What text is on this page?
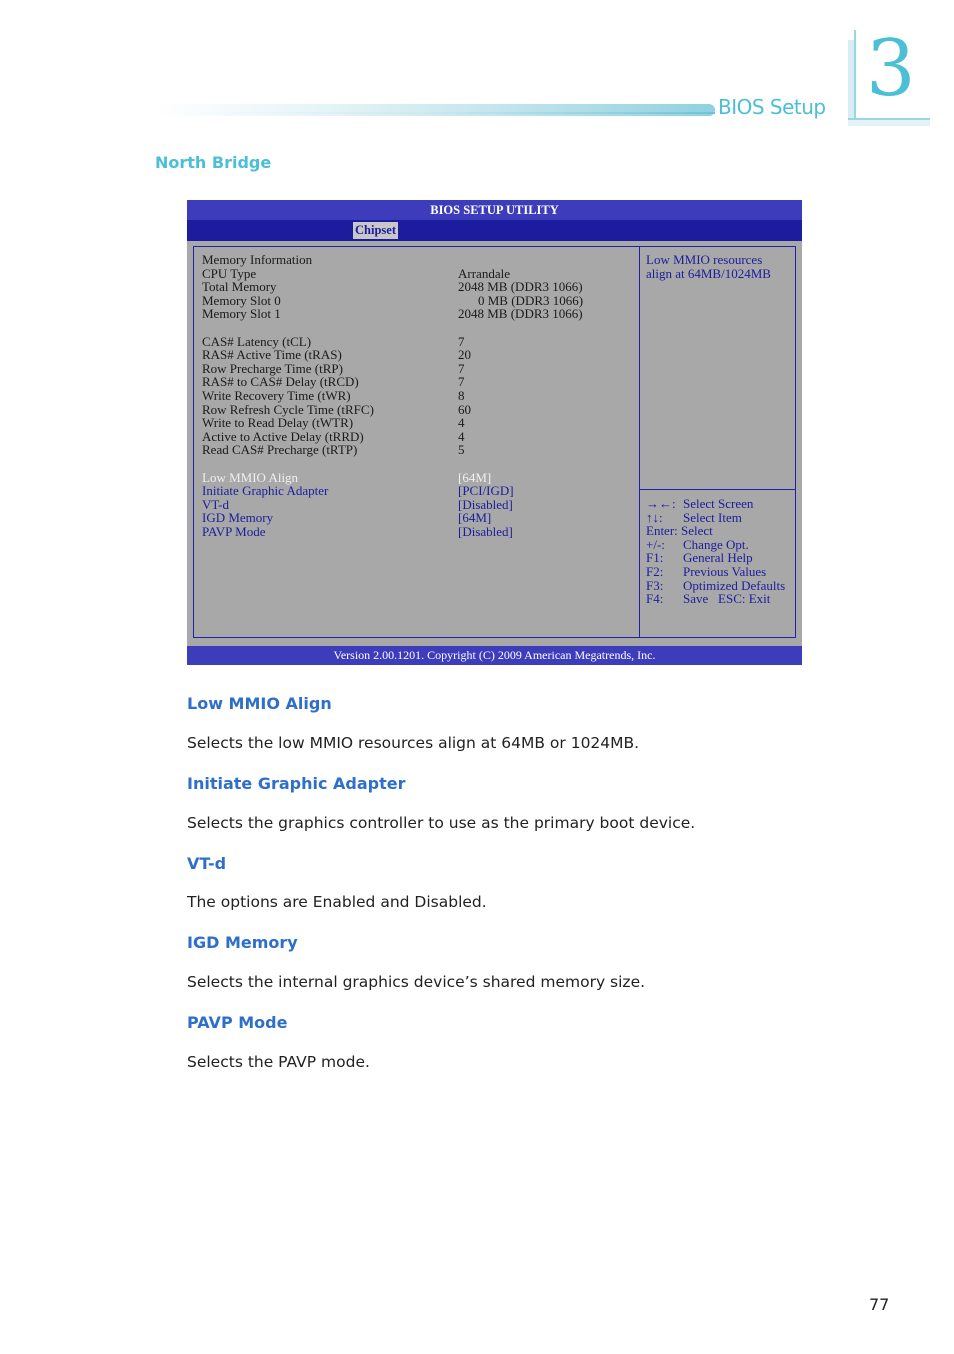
BIOS Setup 3
North Bridge
BIOS SETUP UTILITY
Chipset
Memory Information
CPU Type	Arrandale
Total Memory	2048 MB (DDR3 1066)
Memory Slot 0	0 MB (DDR3 1066)
Memory Slot 1	2048 MB (DDR3 1066)
CAS# Latency (tCL)	7
RAS# Active Time (tRAS)	20
Row Precharge Time (tRP)	7
RAS# to CAS# Delay (tRCD)	7
Write Recovery Time (tWR)	8
Row Refresh Cycle Time (tRFC)	60
Write to Read Delay (tWTR)	4
Active to Active Delay (tRRD)	4
Read CAS# Precharge (tRTP)	5
Low MMIO Align	[64M]
Initiate Graphic Adapter	[PCI/IGD]
VT-d	[Disabled]
IGD Memory	[64M]
PAVP Mode	[Disabled]
Low MMIO resources
align at 64MB/1024MB
→←: Select Screen
↑↓: Select Item
Enter: Select
+/-: Change Opt.
F1: General Help
F2: Previous Values
F3: Optimized Defaults
F4: Save   ESC: Exit
Version 2.00.1201. Copyright (C) 2009 American Megatrends, Inc.
Low MMIO Align
Selects the low MMIO resources align at 64MB or 1024MB.
Initiate Graphic Adapter
Selects the graphics controller to use as the primary boot device.
VT-d
The options are Enabled and Disabled.
IGD Memory
Selects the internal graphics device’s shared memory size.
PAVP Mode
Selects the PAVP mode.
77
